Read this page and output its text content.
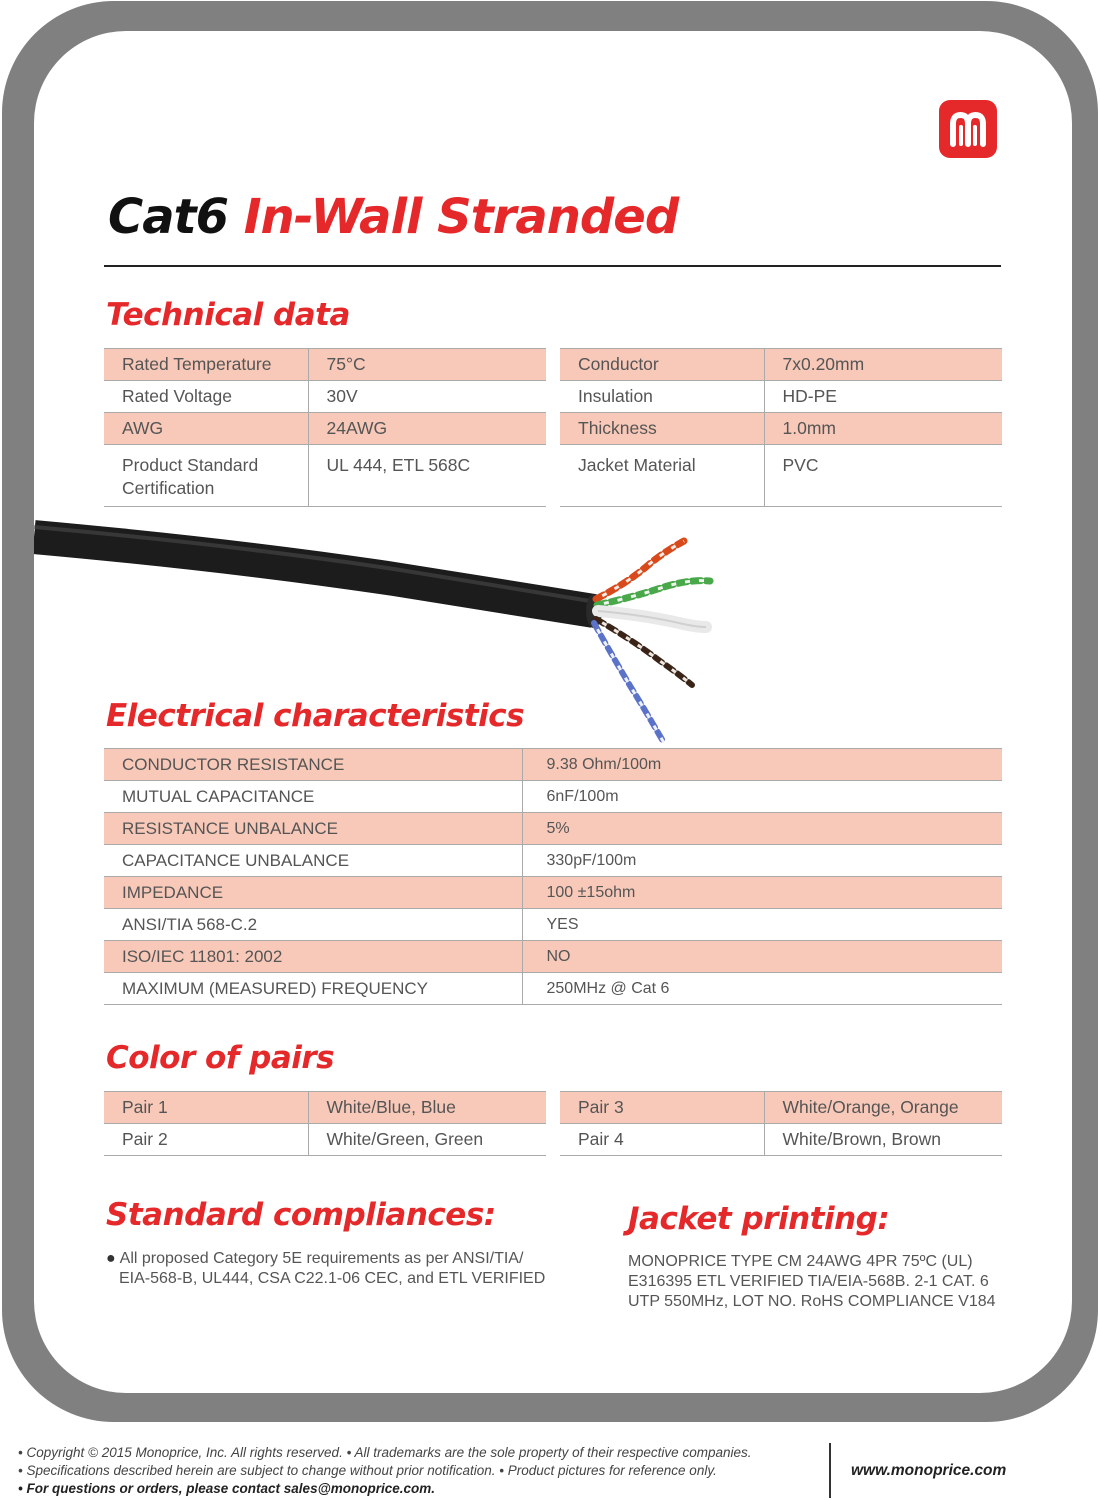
Cat6 In-Wall Stranded
Technical data
Rated Temperature	75°C
Rated Voltage	30V
AWG	24AWG
Product Standard
Certification	UL 444, ETL 568C
Conductor	7x0.20mm
Insulation	HD-PE
Thickness	1.0mm
Jacket Material	PVC
Electrical characteristics
CONDUCTOR RESISTANCE	9.38 Ohm/100m
MUTUAL CAPACITANCE	6nF/100m
RESISTANCE UNBALANCE	5%
CAPACITANCE UNBALANCE	330pF/100m
IMPEDANCE	100 ±15ohm
ANSI/TIA 568-C.2	YES
ISO/IEC 11801: 2002	NO
MAXIMUM (MEASURED) FREQUENCY	250MHz @ Cat 6
Color of pairs
Pair 1	White/Blue, Blue
Pair 2	White/Green, Green
Pair 3	White/Orange, Orange
Pair 4	White/Brown, Brown
Standard compliances:

● All proposed Category 5E requirements as per ANSI/TIA/
EIA-568-B, UL444, CSA C22.1-06 CEC, and ETL VERIFIED

Jacket printing:

MONOPRICE TYPE CM 24AWG 4PR 75ºC (UL)
E316395 ETL VERIFIED TIA/EIA-568B. 2-1 CAT. 6
UTP 550MHz, LOT NO. RoHS COMPLIANCE V184

• Copyright © 2015 Monoprice, Inc. All rights reserved. • All trademarks are the sole property of their respective companies.

• Specifications described herein are subject to change without prior notification. • Product pictures for reference only.

• For questions or orders, please contact sales@monoprice.com.

www.monoprice.com
